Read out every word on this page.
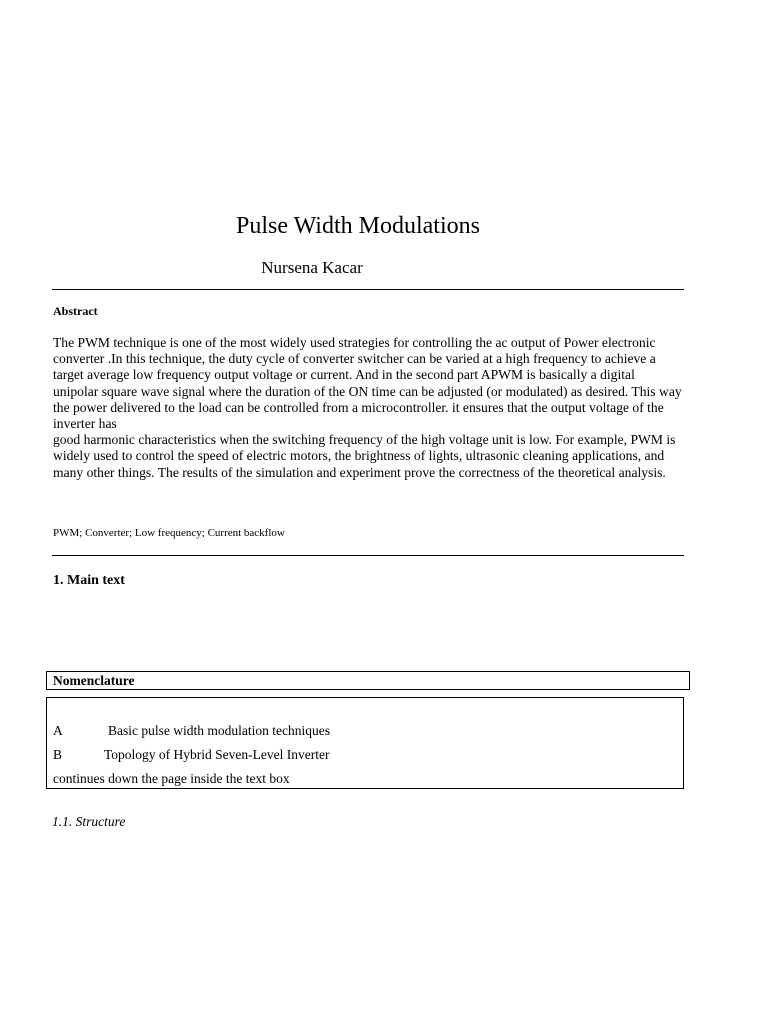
Pulse Width Modulations
Nursena Kacar
Abstract

The PWM technique is one of the most widely used strategies for controlling the ac output of Power electronic converter .In this technique, the duty cycle of converter switcher can be varied at a high frequency to achieve a target average low frequency output voltage or current. And in the second part APWM is basically a digital unipolar square wave signal where the duration of the ON time can be adjusted (or modulated) as desired. This way the power delivered to the load can be controlled from a microcontroller. it ensures that the output voltage of the inverter has

good harmonic characteristics when the switching frequency of the high voltage unit is low. For example, PWM is widely used to control the speed of electric motors, the brightness of lights, ultrasonic cleaning applications, and many other things. The results of the simulation and experiment prove the correctness of the theoretical analysis.

PWM; Converter; Low frequency; Current backflow
1. Main text
Nomenclature
A	Basic pulse width modulation techniques
B	Topology of Hybrid Seven-Level Inverter
continues down the page inside the text box
1.1. Structure
